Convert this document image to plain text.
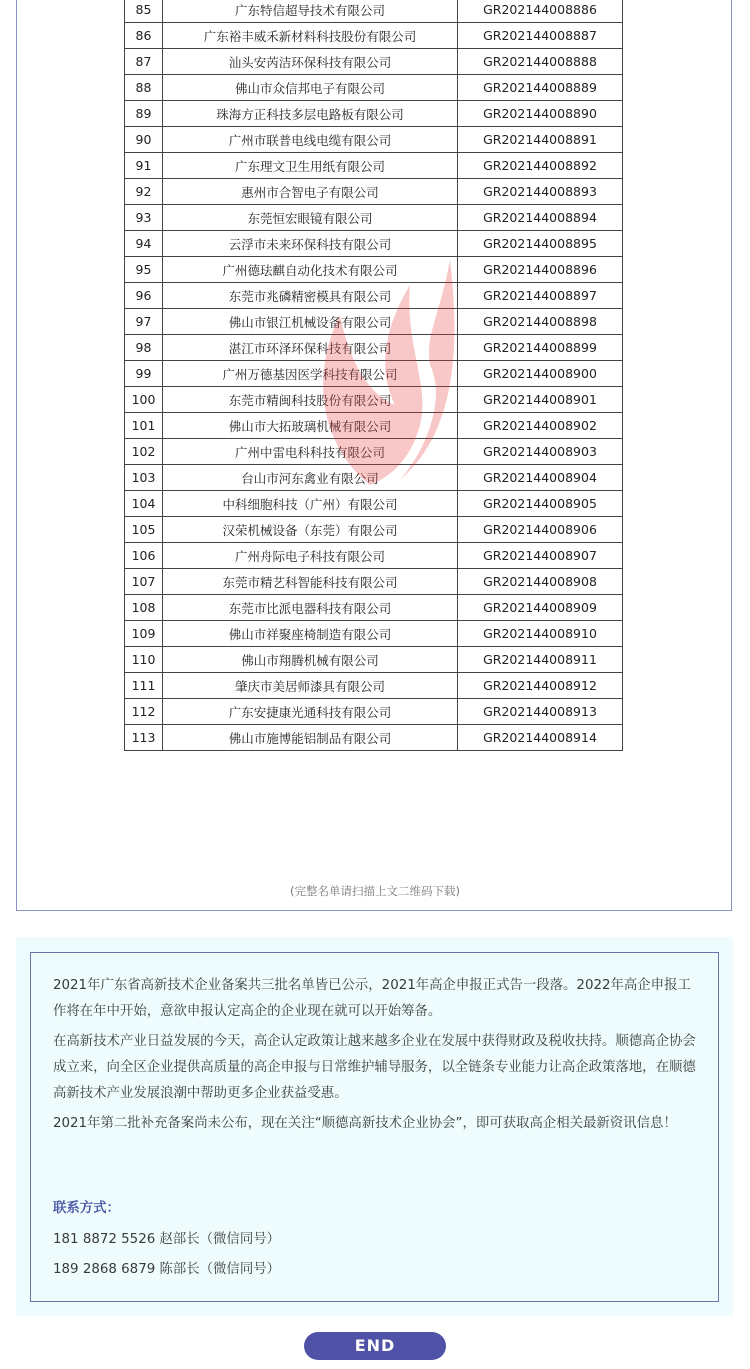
85	广东特信超导技术有限公司	GR202144008886
86	广东裕丰威禾新材料科技股份有限公司	GR202144008887
87	汕头安芮洁环保科技有限公司	GR202144008888
88	佛山市众信邦电子有限公司	GR202144008889
89	珠海方正科技多层电路板有限公司	GR202144008890
90	广州市联普电线电缆有限公司	GR202144008891
91	广东理文卫生用纸有限公司	GR202144008892
92	惠州市合智电子有限公司	GR202144008893
93	东莞恒宏眼镜有限公司	GR202144008894
94	云浮市未来环保科技有限公司	GR202144008895
95	广州德珐麒自动化技术有限公司	GR202144008896
96	东莞市兆磷精密模具有限公司	GR202144008897
97	佛山市银江机械设备有限公司	GR202144008898
98	湛江市环泽环保科技有限公司	GR202144008899
99	广州万德基因医学科技有限公司	GR202144008900
100	东莞市精闽科技股份有限公司	GR202144008901
101	佛山市大拓玻璃机械有限公司	GR202144008902
102	广州中雷电科科技有限公司	GR202144008903
103	台山市河东禽业有限公司	GR202144008904
104	中科细胞科技（广州）有限公司	GR202144008905
105	汉荣机械设备（东莞）有限公司	GR202144008906
106	广州舟际电子科技有限公司	GR202144008907
107	东莞市精艺科智能科技有限公司	GR202144008908
108	东莞市比派电器科技有限公司	GR202144008909
109	佛山市祥聚座椅制造有限公司	GR202144008910
110	佛山市翔腾机械有限公司	GR202144008911
111	肇庆市美居师漆具有限公司	GR202144008912
112	广东安捷康光通科技有限公司	GR202144008913
113	佛山市施博能铝制品有限公司	GR202144008914
(完整名单请扫描上文二维码下载)

2021年广东省高新技术企业备案共三批名单皆已公示，2021年高企申报正式告一段落。2022年高企申报工作将在年中开始，意欲申报认定高企的企业现在就可以开始筹备。

在高新技术产业日益发展的今天，高企认定政策让越来越多企业在发展中获得财政及税收扶持。顺德高企协会成立来，向全区企业提供高质量的高企申报与日常维护辅导服务，以全链条专业能力让高企政策落地，在顺德高新技术产业发展浪潮中帮助更多企业获益受惠。

2021年第二批补充备案尚未公布，现在关注“顺德高新技术企业协会”，即可获取高企相关最新资讯信息！

联系方式：
181 8872 5526 赵部长（微信同号）
189 2868 6879 陈部长（微信同号）
END
